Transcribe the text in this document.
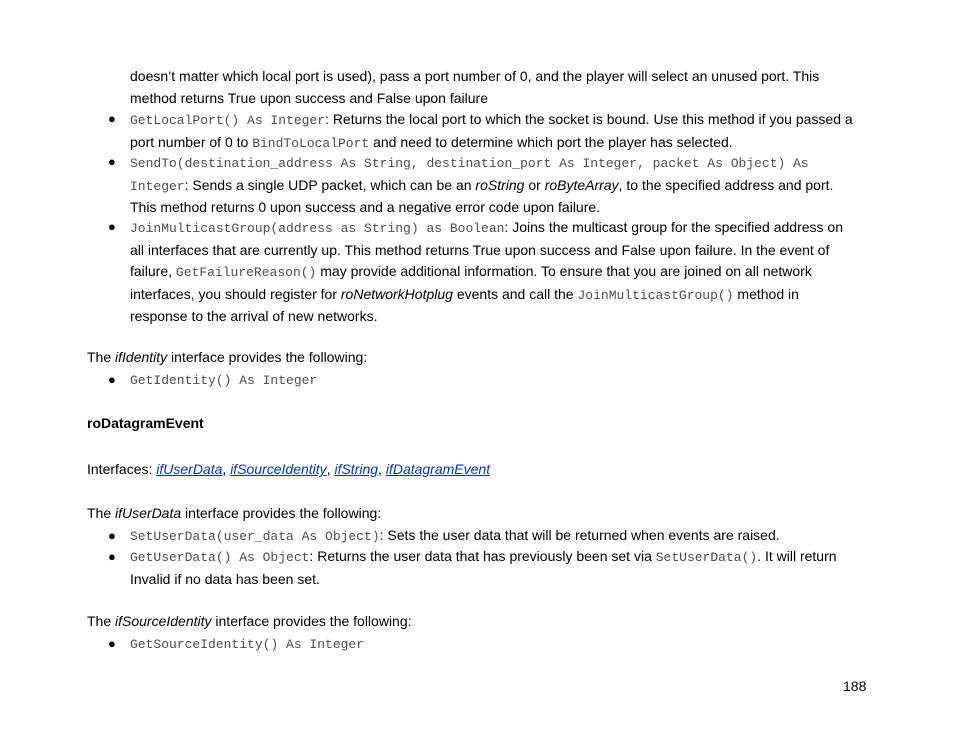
doesn’t matter which local port is used), pass a port number of 0, and the player will select an unused port. This
method returns True upon success and False upon failure
● GetLocalPort() As Integer: Returns the local port to which the socket is bound. Use this method if you passed a port number of 0 to BindToLocalPort and need to determine which port the player has selected.
● SendTo(destination_address As String, destination_port As Integer, packet As Object) As Integer: Sends a single UDP packet, which can be an roString or roByteArray, to the specified address and port. This method returns 0 upon success and a negative error code upon failure.
● JoinMulticastGroup(address as String) as Boolean: Joins the multicast group for the specified address on all interfaces that are currently up. This method returns True upon success and False upon failure. In the event of failure, GetFailureReason() may provide additional information. To ensure that you are joined on all network interfaces, you should register for roNetworkHotplug events and call the JoinMulticastGroup() method in response to the arrival of new networks.
The ifIdentity interface provides the following:
● GetIdentity() As Integer
roDatagramEvent
Interfaces: ifUserData, ifSourceIdentity, ifString, ifDatagramEvent
The ifUserData interface provides the following:
● SetUserData(user_data As Object): Sets the user data that will be returned when events are raised.
● GetUserData() As Object: Returns the user data that has previously been set via SetUserData(). It will return Invalid if no data has been set.
The ifSourceIdentity interface provides the following:
● GetSourceIdentity() As Integer
188
